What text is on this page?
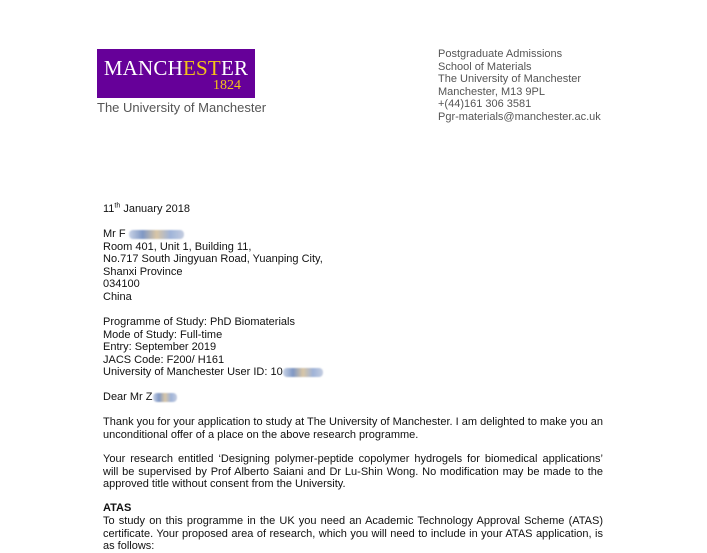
MANCHESTER
1824
The University of Manchester
Postgraduate Admissions
School of Materials
The University of Manchester
Manchester, M13 9PL
+(44)161 306 3581
Pgr-materials@manchester.ac.uk
11th January 2018
Mr F
Room 401, Unit 1, Building 11,
No.717 South Jingyuan Road, Yuanping City,
Shanxi Province
034100
China
Programme of Study: PhD Biomaterials
Mode of Study: Full-time
Entry: September 2019
JACS Code: F200/ H161
University of Manchester User ID: 10
Dear Mr Z
Thank you for your application to study at The University of Manchester. I am delighted to make you an unconditional offer of a place on the above research programme.
Your research entitled ‘Designing polymer-peptide copolymer hydrogels for biomedical applications’ will be supervised by Prof Alberto Saiani and Dr Lu-Shin Wong. No modification may be made to the approved title without consent from the University.
ATAS
To study on this programme in the UK you need an Academic Technology Approval Scheme (ATAS) certificate. Your proposed area of research, which you will need to include in your ATAS application, is as follows:
